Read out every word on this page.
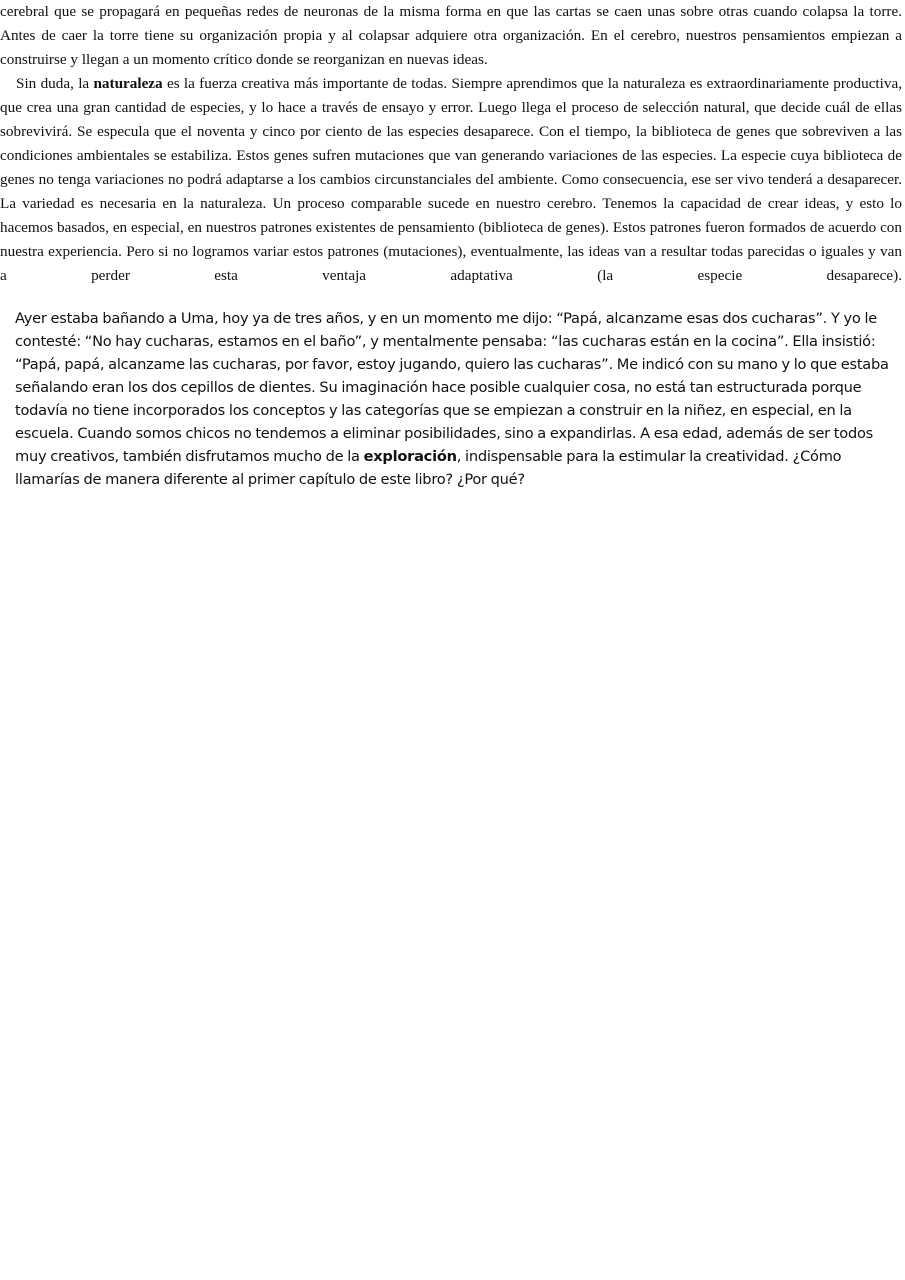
cerebral que se propagará en pequeñas redes de neuronas de la misma forma en que las cartas se caen unas sobre otras cuando colapsa la torre. Antes de caer la torre tiene su organización propia y al colapsar adquiere otra organización. En el cerebro, nuestros pensamientos empiezan a construirse y llegan a un momento crítico donde se reorganizan en nuevas ideas.

Sin duda, la naturaleza es la fuerza creativa más importante de todas. Siempre aprendimos que la naturaleza es extraordinariamente productiva, que crea una gran cantidad de especies, y lo hace a través de ensayo y error. Luego llega el proceso de selección natural, que decide cuál de ellas sobrevivirá. Se especula que el noventa y cinco por ciento de las especies desaparece. Con el tiempo, la biblioteca de genes que sobreviven a las condiciones ambientales se estabiliza. Estos genes sufren mutaciones que van generando variaciones de las especies. La especie cuya biblioteca de genes no tenga variaciones no podrá adaptarse a los cambios circunstanciales del ambiente. Como consecuencia, ese ser vivo tenderá a desaparecer. La variedad es necesaria en la naturaleza. Un proceso comparable sucede en nuestro cerebro. Tenemos la capacidad de crear ideas, y esto lo hacemos basados, en especial, en nuestros patrones existentes de pensamiento (biblioteca de genes). Estos patrones fueron formados de acuerdo con nuestra experiencia. Pero si no logramos variar estos patrones (mutaciones), eventualmente, las ideas van a resultar todas parecidas o iguales y van a perder esta ventaja adaptativa (la especie desaparece).

Ayer estaba bañando a Uma, hoy ya de tres años, y en un momento me dijo: “Papá, alcanzame esas dos cucharas”. Y yo le contesté: “No hay cucharas, estamos en el baño”, y mentalmente pensaba: “las cucharas están en la cocina”. Ella insistió: “Papá, papá, alcanzame las cucharas, por favor, estoy jugando, quiero las cucharas”. Me indicó con su mano y lo que estaba señalando eran los dos cepillos de dientes. Su imaginación hace posible cualquier cosa, no está tan estructurada porque todavía no tiene incorporados los conceptos y las categorías que se empiezan a construir en la niñez, en especial, en la escuela. Cuando somos chicos no tendemos a eliminar posibilidades, sino a expandirlas. A esa edad, además de ser todos muy creativos, también disfrutamos mucho de la exploración, indispensable para la estimular la creatividad. ¿Cómo llamarías de manera diferente al primer capítulo de este libro? ¿Por qué?
